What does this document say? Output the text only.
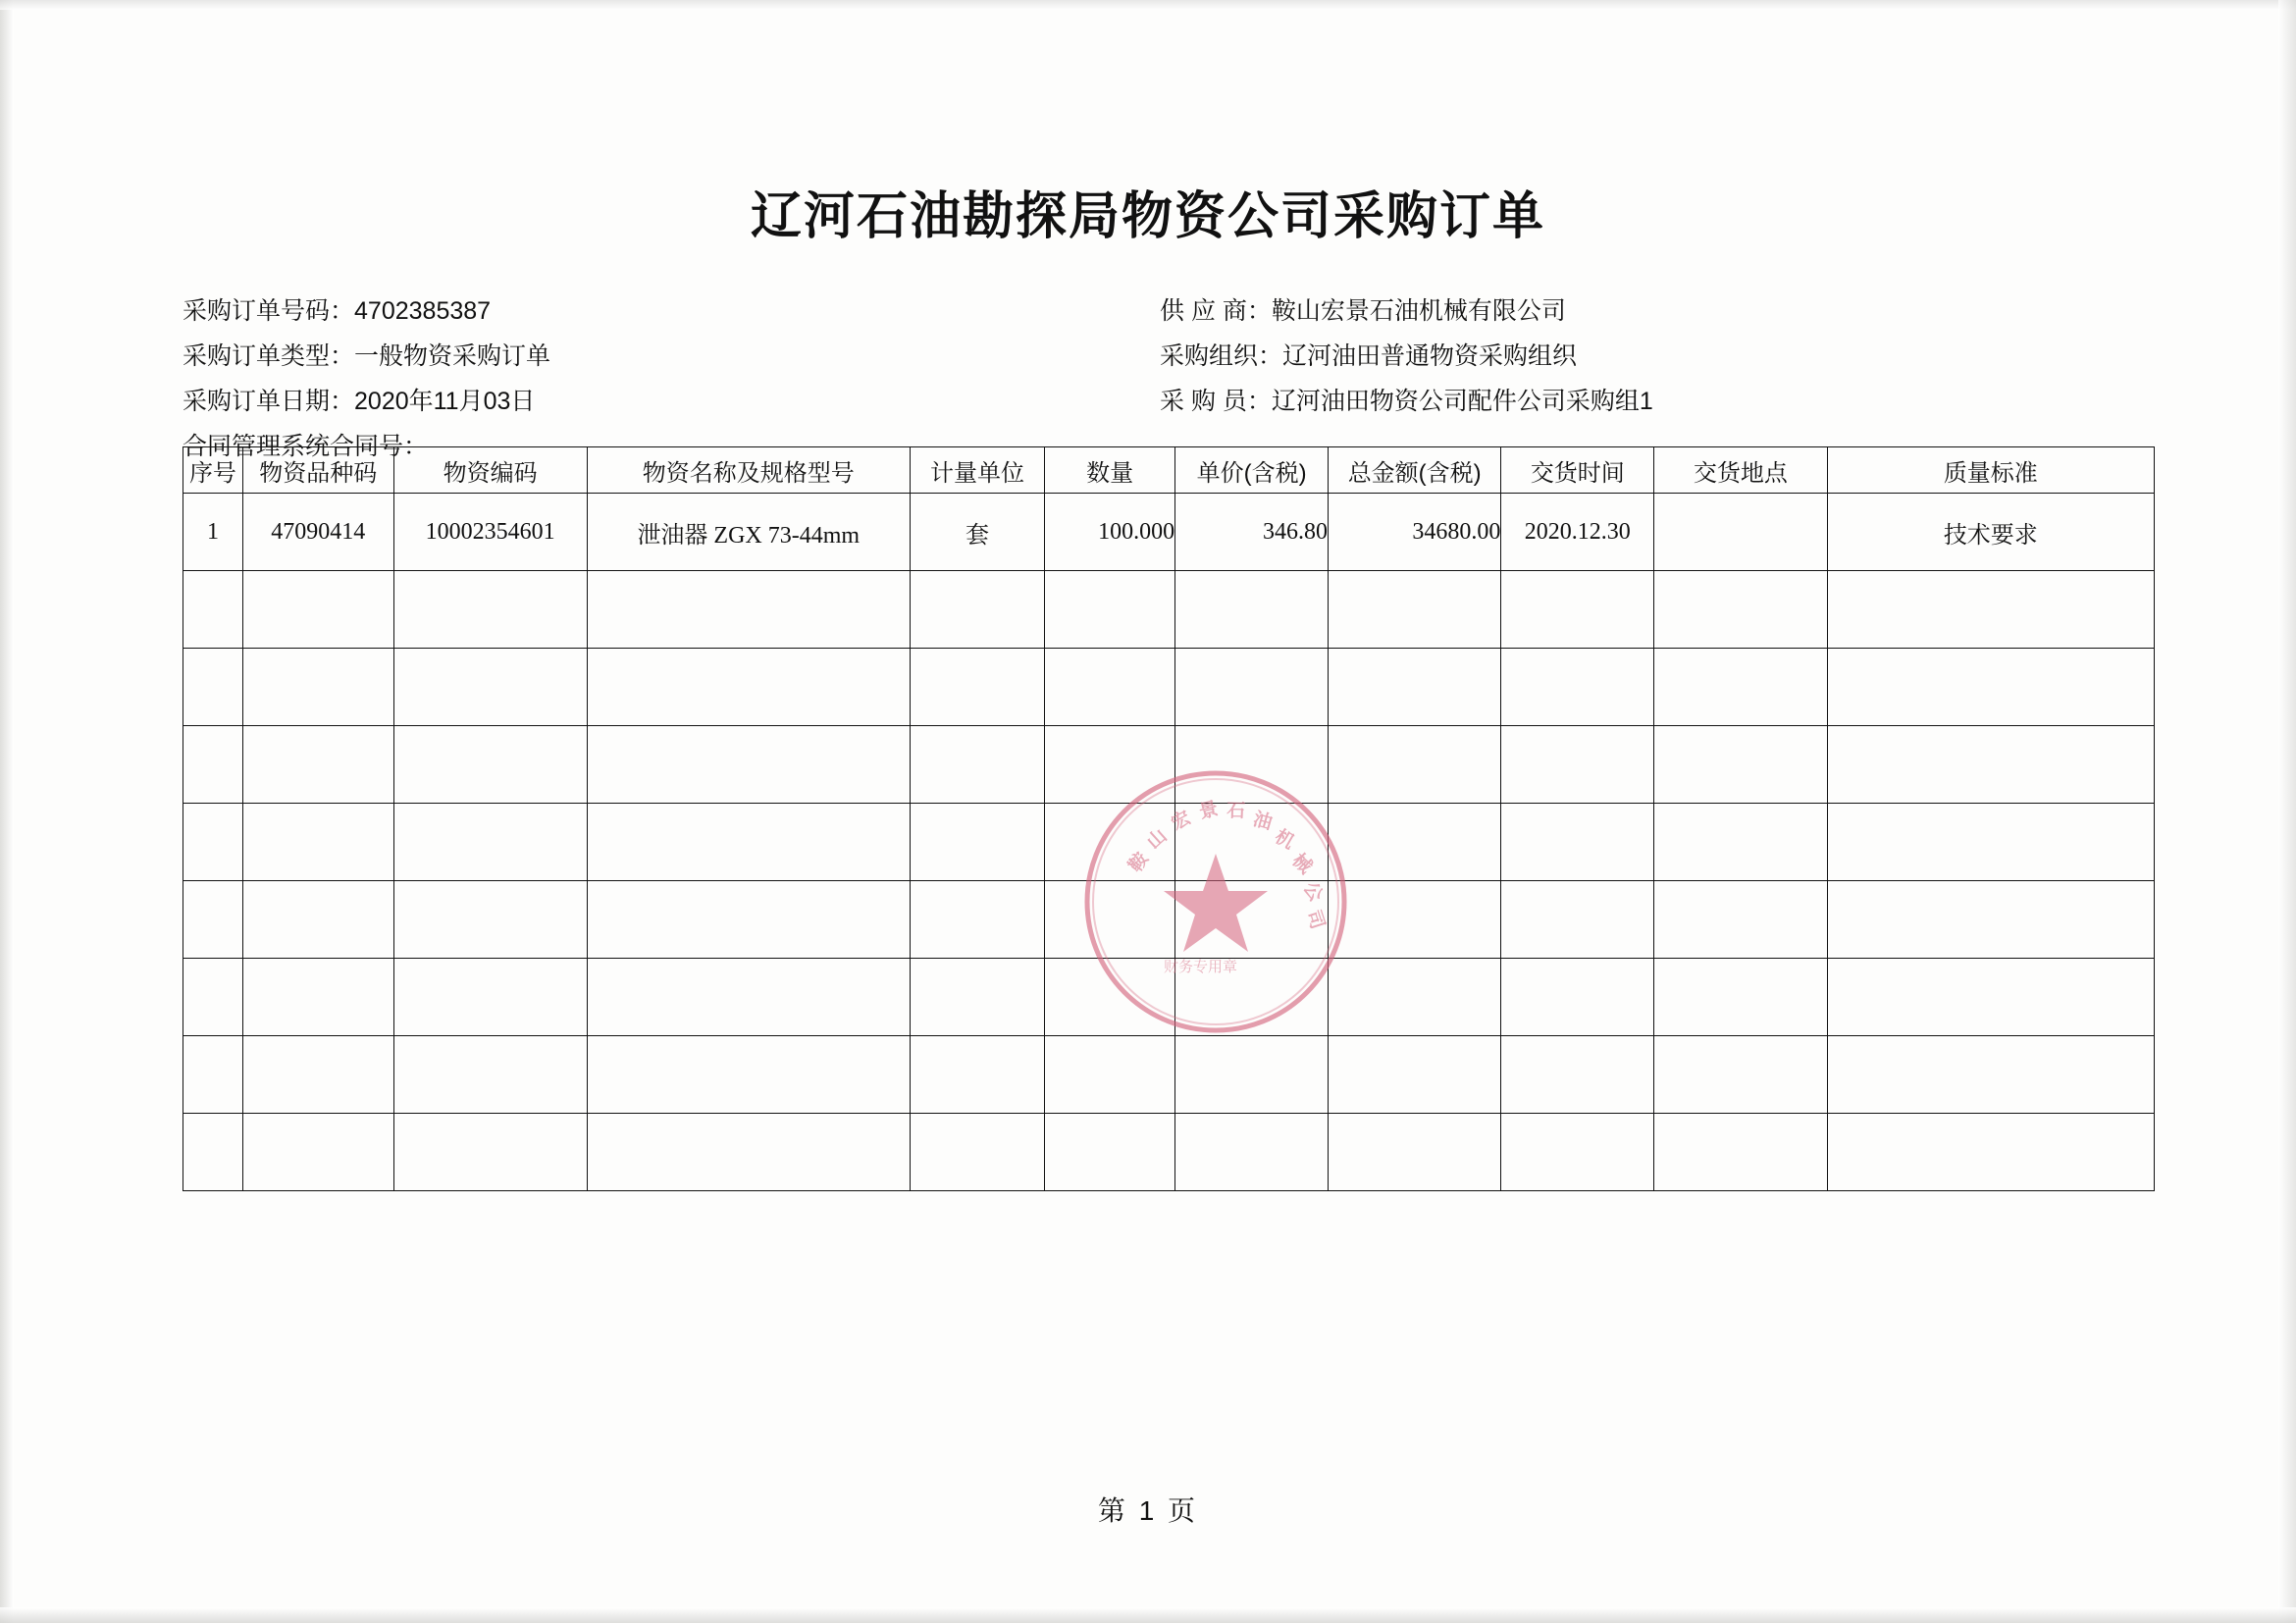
辽河石油勘探局物资公司采购订单
采购订单号码：4702385387
采购订单类型：一般物资采购订单
采购订单日期：2020年11月03日
合同管理系统合同号：
供 应 商：鞍山宏景石油机械有限公司
采购组织：辽河油田普通物资采购组织
采 购 员：辽河油田物资公司配件公司采购组1
序号	物资品种码	物资编码	物资名称及规格型号	计量单位	数量	单价(含税)	总金额(含税)	交货时间	交货地点	质量标准
1	47090414	10002354601	泄油器 ZGX 73-44mm	套	100.000	346.80	34680.00	2020.12.30		技术要求

鞍
山
宏 景 石 油
机
械
公
司
财务专用章
第 1 页
